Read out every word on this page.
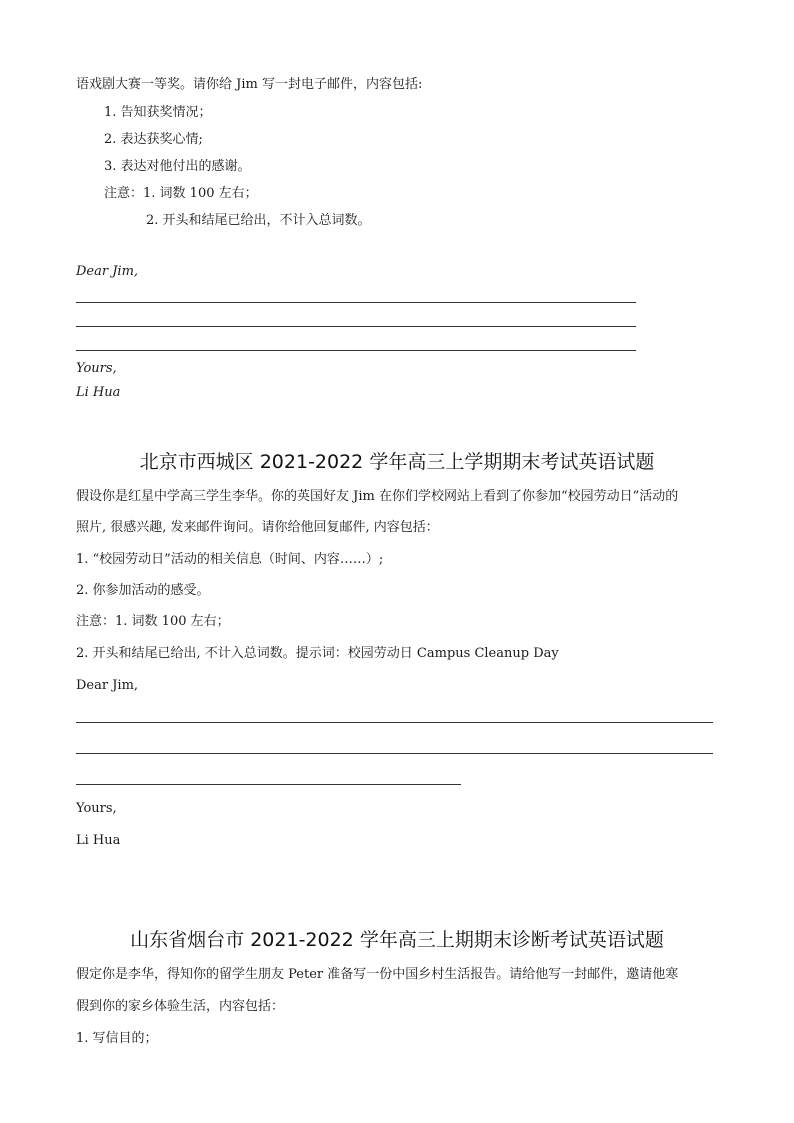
语戏剧大赛一等奖。请你给 Jim 写一封电子邮件，内容包括:
1. 告知获奖情况；
2. 表达获奖心情;
3. 表达对他付出的感谢。
注意：1. 词数 100 左右；
2. 开头和结尾已给出，不计入总词数。
Dear Jim,
Yours,
Li Hua
北京市西城区 2021-2022 学年高三上学期期末考试英语试题
假设你是红星中学高三学生李华。你的英国好友 Jim 在你们学校网站上看到了你参加“校园劳动日”活动的
照片, 很感兴趣, 发来邮件询问。请你给他回复邮件, 内容包括：
1. “校园劳动日”活动的相关信息（时间、内容……）;
2. 你参加活动的感受。
注意：1. 词数 100 左右；
2. 开头和结尾已给出, 不计入总词数。提示词：校园劳动日 Campus Cleanup Day
Dear Jim,
Yours,
Li Hua
山东省烟台市 2021-2022 学年高三上期期末诊断考试英语试题
假定你是李华，得知你的留学生朋友 Peter 准备写一份中国乡村生活报告。请给他写一封邮件，邀请他寒
假到你的家乡体验生活，内容包括：
1. 写信目的；
